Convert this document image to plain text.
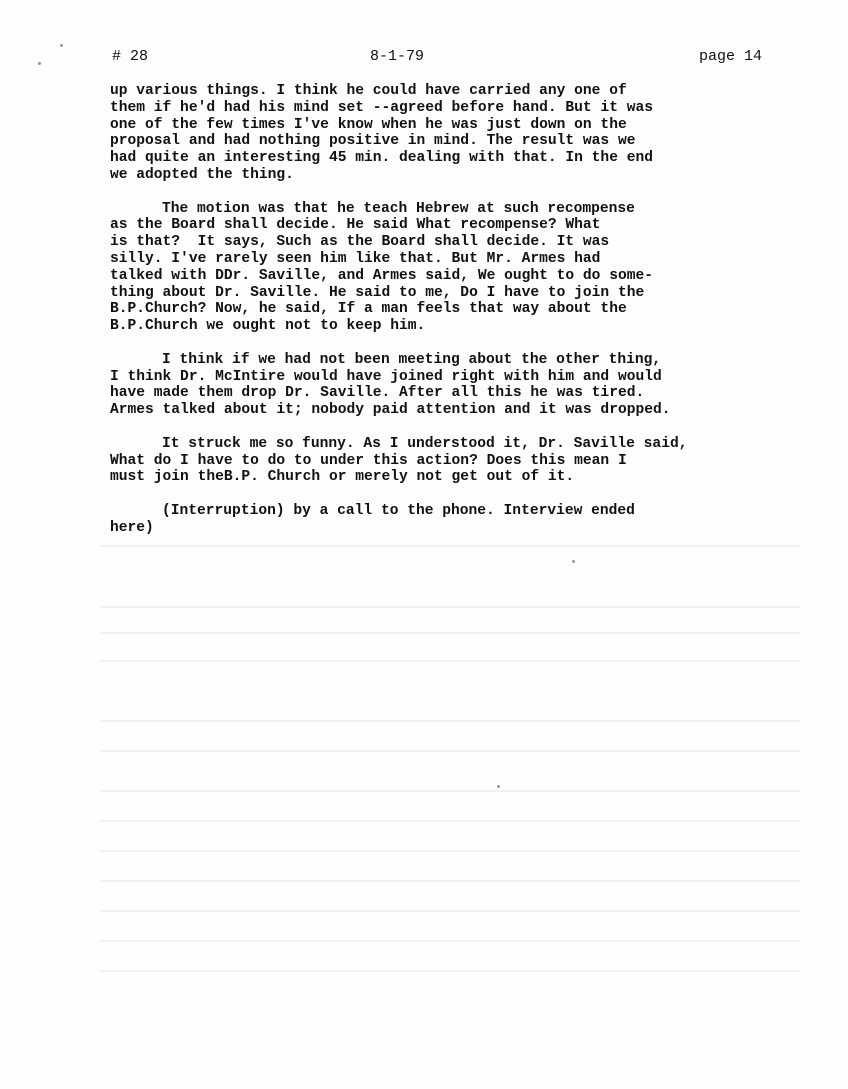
# 28	8-1-79	page 14
up various things. I think he could have carried any one of
them if he'd had his mind set --agreed before hand. But it was
one of the few times I've know when he was just down on the
proposal and had nothing positive in mind. The result was we
had quite an interesting 45 min. dealing with that. In the end
we adopted the thing.
The motion was that he teach Hebrew at such recompense
as the Board shall decide. He said What recompense? What
is that?  It says, Such as the Board shall decide. It was
silly. I've rarely seen him like that. But Mr. Armes had
talked with DDr. Saville, and Armes said, We ought to do some-
thing about Dr. Saville. He said to me, Do I have to join the
B.P.Church? Now, he said, If a man feels that way about the
B.P.Church we ought not to keep him.
I think if we had not been meeting about the other thing,
I think Dr. McIntire would have joined right with him and would
have made them drop Dr. Saville. After all this he was tired.
Armes talked about it; nobody paid attention and it was dropped.
It struck me so funny. As I understood it, Dr. Saville said,
What do I have to do to under this action? Does this mean I
must join theB.P. Church or merely not get out of it.
(Interruption) by a call to the phone. Interview ended
here)
